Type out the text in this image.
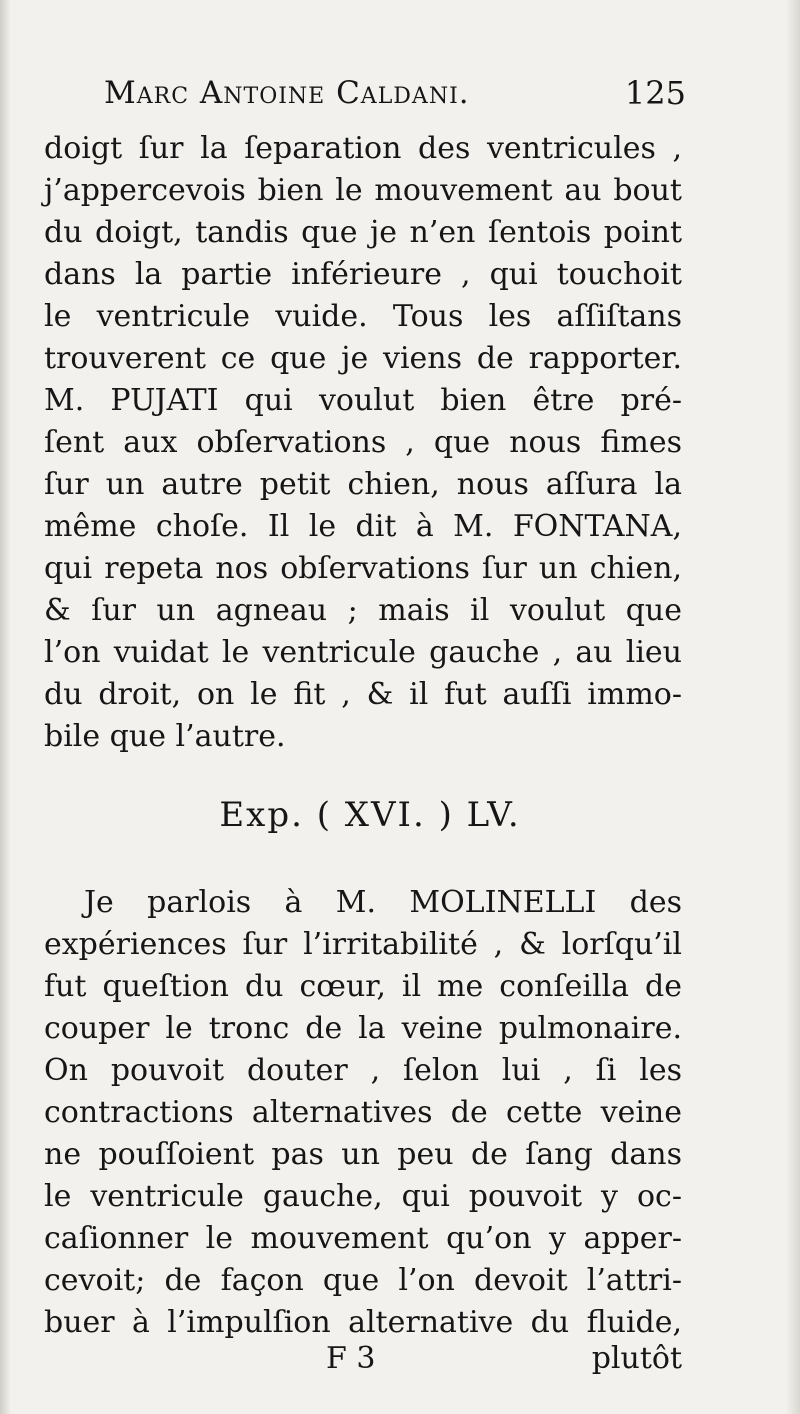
Marc Antoine Caldani.	125
doigt ſur la ſeparation des ventricules ,
j’appercevois bien le mouvement au bout
du doigt, tandis que je n’en ſentois point
dans la partie inférieure , qui touchoit
le ventricule vuide. Tous les aſſiſtans
trouverent ce que je viens de rapporter.
M. PUJATI qui voulut bien être pré-
ſent aux obſervations , que nous fimes
ſur un autre petit chien, nous aſſura la
même choſe. Il le dit à M. FONTANA,
qui repeta nos obſervations ſur un chien,
& ſur un agneau ; mais il voulut que
l’on vuidat le ventricule gauche , au lieu
du droit, on le fit , & il fut auſſi immo-
bile que l’autre.
Exp. ( XVI. ) LV.
Je parlois à M. MOLINELLI des
expériences ſur l’irritabilité , & lorſqu’il
fut queſtion du cœur, il me conſeilla de
couper le tronc de la veine pulmonaire.
On pouvoit douter , ſelon lui , ſi les
contractions alternatives de cette veine
ne pouſſoient pas un peu de ſang dans
le ventricule gauche, qui pouvoit y oc-
caſionner le mouvement qu’on y apper-
cevoit; de façon que l’on devoit l’attri-
buer à l’impulſion alternative du fluide,
F 3	plutôt
